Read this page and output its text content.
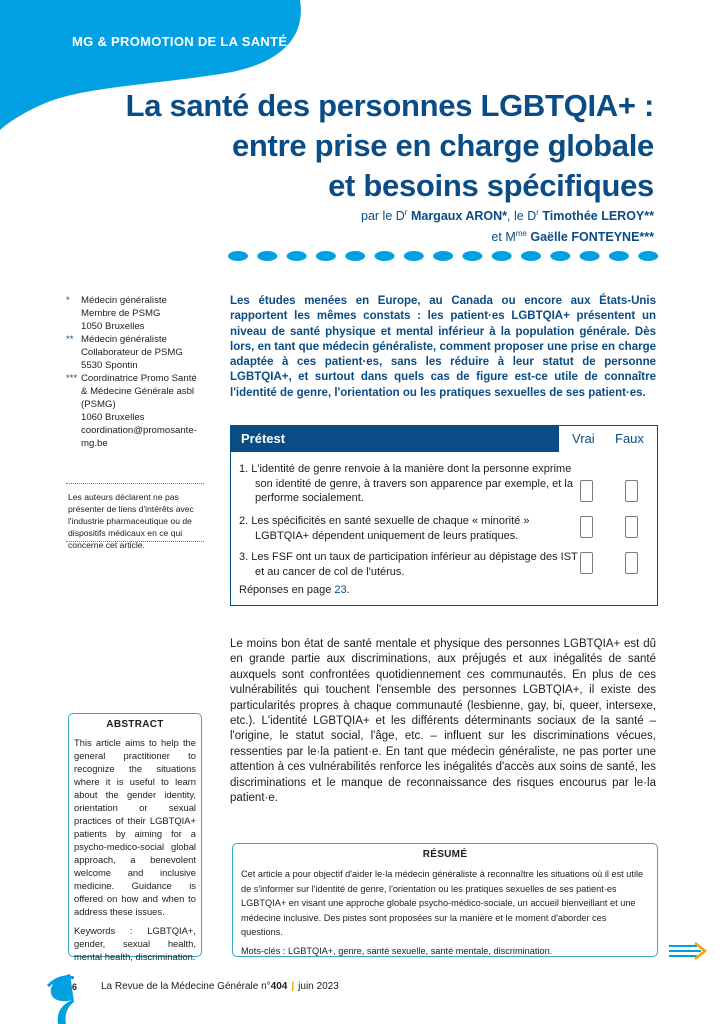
MG & PROMOTION DE LA SANTÉ
La santé des personnes LGBTQIA+ :
entre prise en charge globale
et besoins spécifiques
par le $D^r$ Margaux ARON*, le $D^r$ Timothée LEROY**
et $M^{me}$ Gaëlle FONTEYNE***
*	Médecin généraliste
Membre de PSMG
1050 Bruxelles
** Médecin généraliste
Collaborateur de PSMG
5530 Spontin
*** Coordinatrice Promo Santé
& Médecine Générale asbl
(PSMG)
1060 Bruxelles
coordination@promosante-mg.be
Les auteurs déclarent ne pas présenter de liens d'intérêts avec l'industrie pharmaceutique ou de dispositifs médicaux en ce qui concerne cet article.

Les études menées en Europe, au Canada ou encore aux États-Unis rapportent les mêmes constats : les patient·es LGBTQIA+ présentent un niveau de santé physique et mental inférieur à la population générale. Dès lors, en tant que médecin généraliste, comment proposer une prise en charge adaptée à ces patient·es, sans les réduire à leur statut de personne LGBTQIA+, et surtout dans quels cas de figure est-ce utile de connaître l'identité de genre, l'orientation ou les pratiques sexuelles de ses patient·es.

Prétest	Vrai Faux
1. L'identité de genre renvoie à la manière dont la personne exprime son identité de genre, à travers son apparence par exemple, et la performe socialement.
2. Les spécificités en santé sexuelle de chaque « minorité » LGBTQIA+ dépendent uniquement de leurs pratiques.
3. Les FSF ont un taux de participation inférieur au dépistage des IST et au cancer de col de l'utérus.
Réponses en page 23.

Le moins bon état de santé mentale et physique des personnes LGBTQIA+ est dû en grande partie aux discriminations, aux préjugés et aux inégalités de santé auxquels sont confrontées quotidiennement ces communautés. En plus de ces vulnérabilités qui touchent l'ensemble des personnes LGBTQIA+, il existe des particularités propres à chaque communauté (lesbienne, gay, bi, queer, intersexe, etc.). L'identité LGBTQIA+ et les différents déterminants sociaux de la santé – l'origine, le statut social, l'âge, etc. – influent sur les discriminations vécues, ressenties par le·la patient·e. En tant que médecin généraliste, ne pas porter une attention à ces vulnérabilités renforce les inégalités d'accès aux soins de santé, les discriminations et le manque de reconnaissance des risques encourus par le·la patient·e.

ABSTRACT

This article aims to help the general practitioner to recognize the situations where it is useful to learn about the gender identity, orientation or sexual practices of their LGBTQIA+ patients by aiming for a psycho-medico-social global approach, a benevolent welcome and inclusive medicine. Guidance is offered on how and when to address these issues.

Keywords : LGBTQIA+, gender, sexual health, mental health, discrimination.

RÉSUMÉ

Cet article a pour objectif d'aider le·la médecin généraliste à reconnaître les situations où il est utile de s'informer sur l'identité de genre, l'orientation ou les pratiques sexuelles de ses patient·es LGBTQIA+ en visant une approche globale psycho-médico-sociale, un accueil bienveillant et une médecine inclusive. Des pistes sont proposées sur la manière et le moment d'aborder ces questions.

Mots-clés : LGBTQIA+, genre, santé sexuelle, santé mentale, discrimination.

6 La Revue de la Médecine Générale n°404 | juin 2023
